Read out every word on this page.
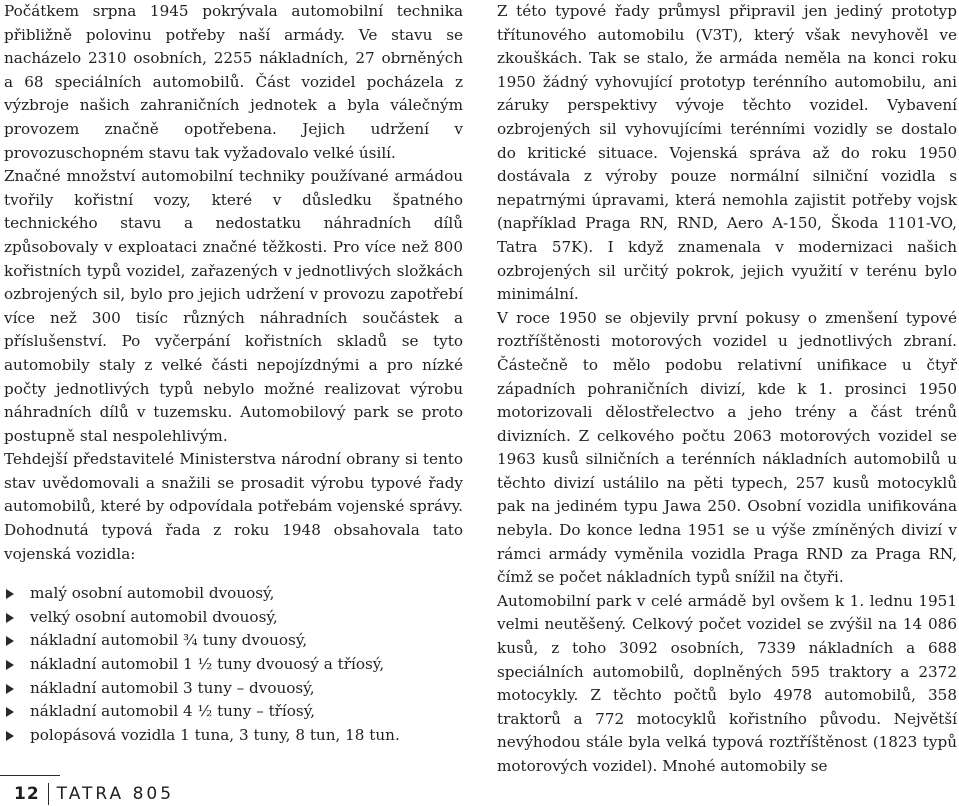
Počátkem srpna 1945 pokrývala automobilní technika přibližně polovinu potřeby naší armády. Ve stavu se nacházelo 2310 osobních, 2255 nákladních, 27 obrněných a 68 speciálních automobilů. Část vozidel pocházela z výzbroje našich zahraničních jednotek a byla válečným provozem značně opotřebena. Jejich udržení v provozuschopném stavu tak vyžadovalo velké úsilí.

Značné množství automobilní techniky používané armádou tvořily kořistní vozy, které v důsledku špatného technického stavu a nedostatku náhradních dílů způsobovaly v exploataci značné těžkosti. Pro více než 800 kořistních typů vozidel, zařazených v jednotlivých složkách ozbrojených sil, bylo pro jejich udržení v provozu zapotřebí více než 300 tisíc různých náhradních součástek a příslušenství. Po vyčerpání kořistních skladů se tyto automobily staly z velké části nepojízdnými a pro nízké počty jednotlivých typů nebylo možné realizovat výrobu náhradních dílů v tuzemsku. Automobilový park se proto postupně stal nespolehlivým.

Tehdejší představitelé Ministerstva národní obrany si tento stav uvědomovali a snažili se prosadit výrobu typové řady automobilů, které by odpovídala potřebám vojenské správy. Dohodnutá typová řada z roku 1948 obsahovala tato vojenská vozidla:

malý osobní automobil dvouosý,
velký osobní automobil dvouosý,
nákladní automobil ¾ tuny dvouosý,
nákladní automobil 1 ½ tuny dvouosý a tříosý,
nákladní automobil 3 tuny – dvouosý,
nákladní automobil 4 ½ tuny – tříosý,
polopásová vozidla 1 tuna, 3 tuny, 8 tun, 18 tun.

Z této typové řady průmysl připravil jen jediný prototyp třítunového automobilu (V3T), který však nevyhověl ve zkouškách. Tak se stalo, že armáda neměla na konci roku 1950 žádný vyhovující prototyp terénního automobilu, ani záruky perspektivy vývoje těchto vozidel. Vybavení ozbrojených sil vyhovujícími terénními vozidly se dostalo do kritické situace. Vojenská správa až do roku 1950 dostávala z výroby pouze normální silniční vozidla s nepatrnými úpravami, která nemohla zajistit potřeby vojsk (například Praga RN, RND, Aero A-150, Škoda 1101-VO, Tatra 57K). I když znamenala v modernizaci našich ozbrojených sil určitý pokrok, jejich využití v terénu bylo minimální.

V roce 1950 se objevily první pokusy o zmenšení typové roztříštěnosti motorových vozidel u jednotlivých zbraní. Částečně to mělo podobu relativní unifikace u čtyř západních pohraničních divizí, kde k 1. prosinci 1950 motorizovali dělostřelectvo a jeho trény a část trénů divizních. Z celkového počtu 2063 motorových vozidel se 1963 kusů silničních a terénních nákladních automobilů u těchto divizí ustálilo na pěti typech, 257 kusů motocyklů pak na jediném typu Jawa 250. Osobní vozidla unifikována nebyla. Do konce ledna 1951 se u výše zmíněných divizí v rámci armády vyměnila vozidla Praga RND za Praga RN, čímž se počet nákladních typů snížil na čtyři.

Automobilní park v celé armádě byl ovšem k 1. lednu 1951 velmi neutěšený. Celkový počet vozidel se zvýšil na 14 086 kusů, z toho 3092 osobních, 7339 nákladních a 688 speciálních automobilů, doplněných 595 traktory a 2372 motocykly. Z těchto počtů bylo 4978 automobilů, 358 traktorů a 772 motocyklů kořistního původu. Největší nevýhodou stále byla velká typová roztříštěnost (1823 typů motorových vozidel). Mnohé automobily se

12	TATRA 805
